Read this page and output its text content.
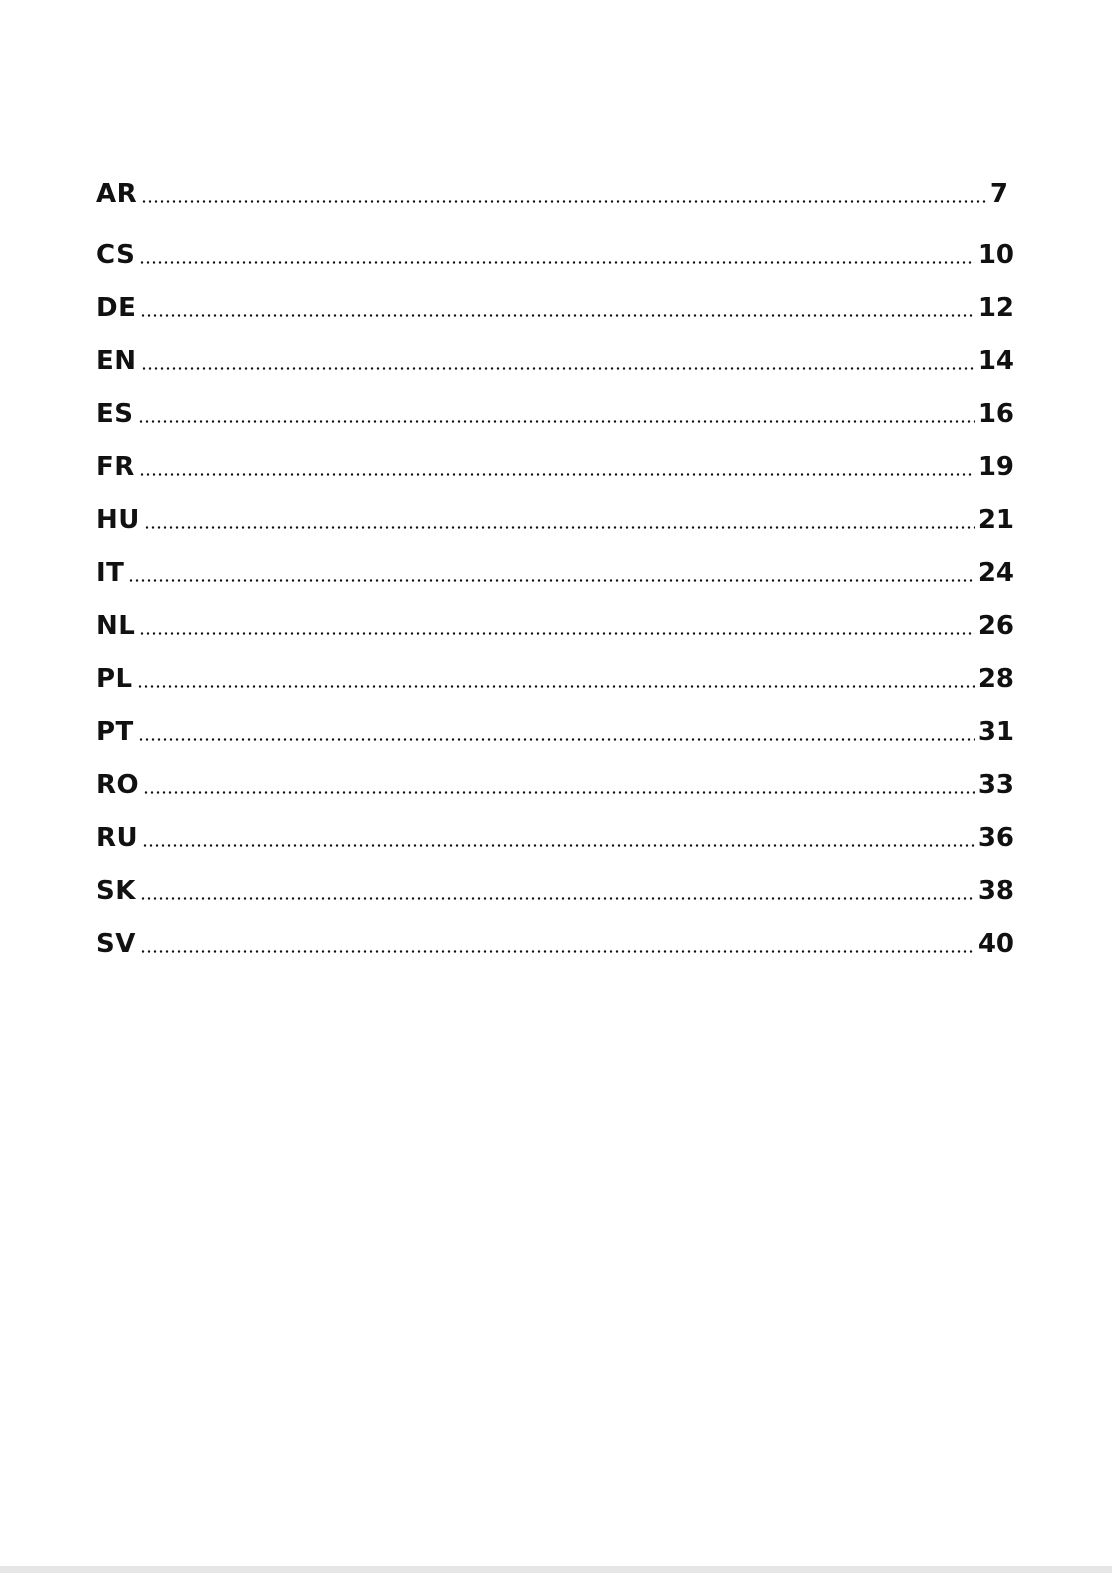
AR	7
CS	10
DE	12
EN	14
ES	16
FR	19
HU	21
IT	24
NL	26
PL	28
PT	31
RO	33
RU	36
SK	38
SV	40
